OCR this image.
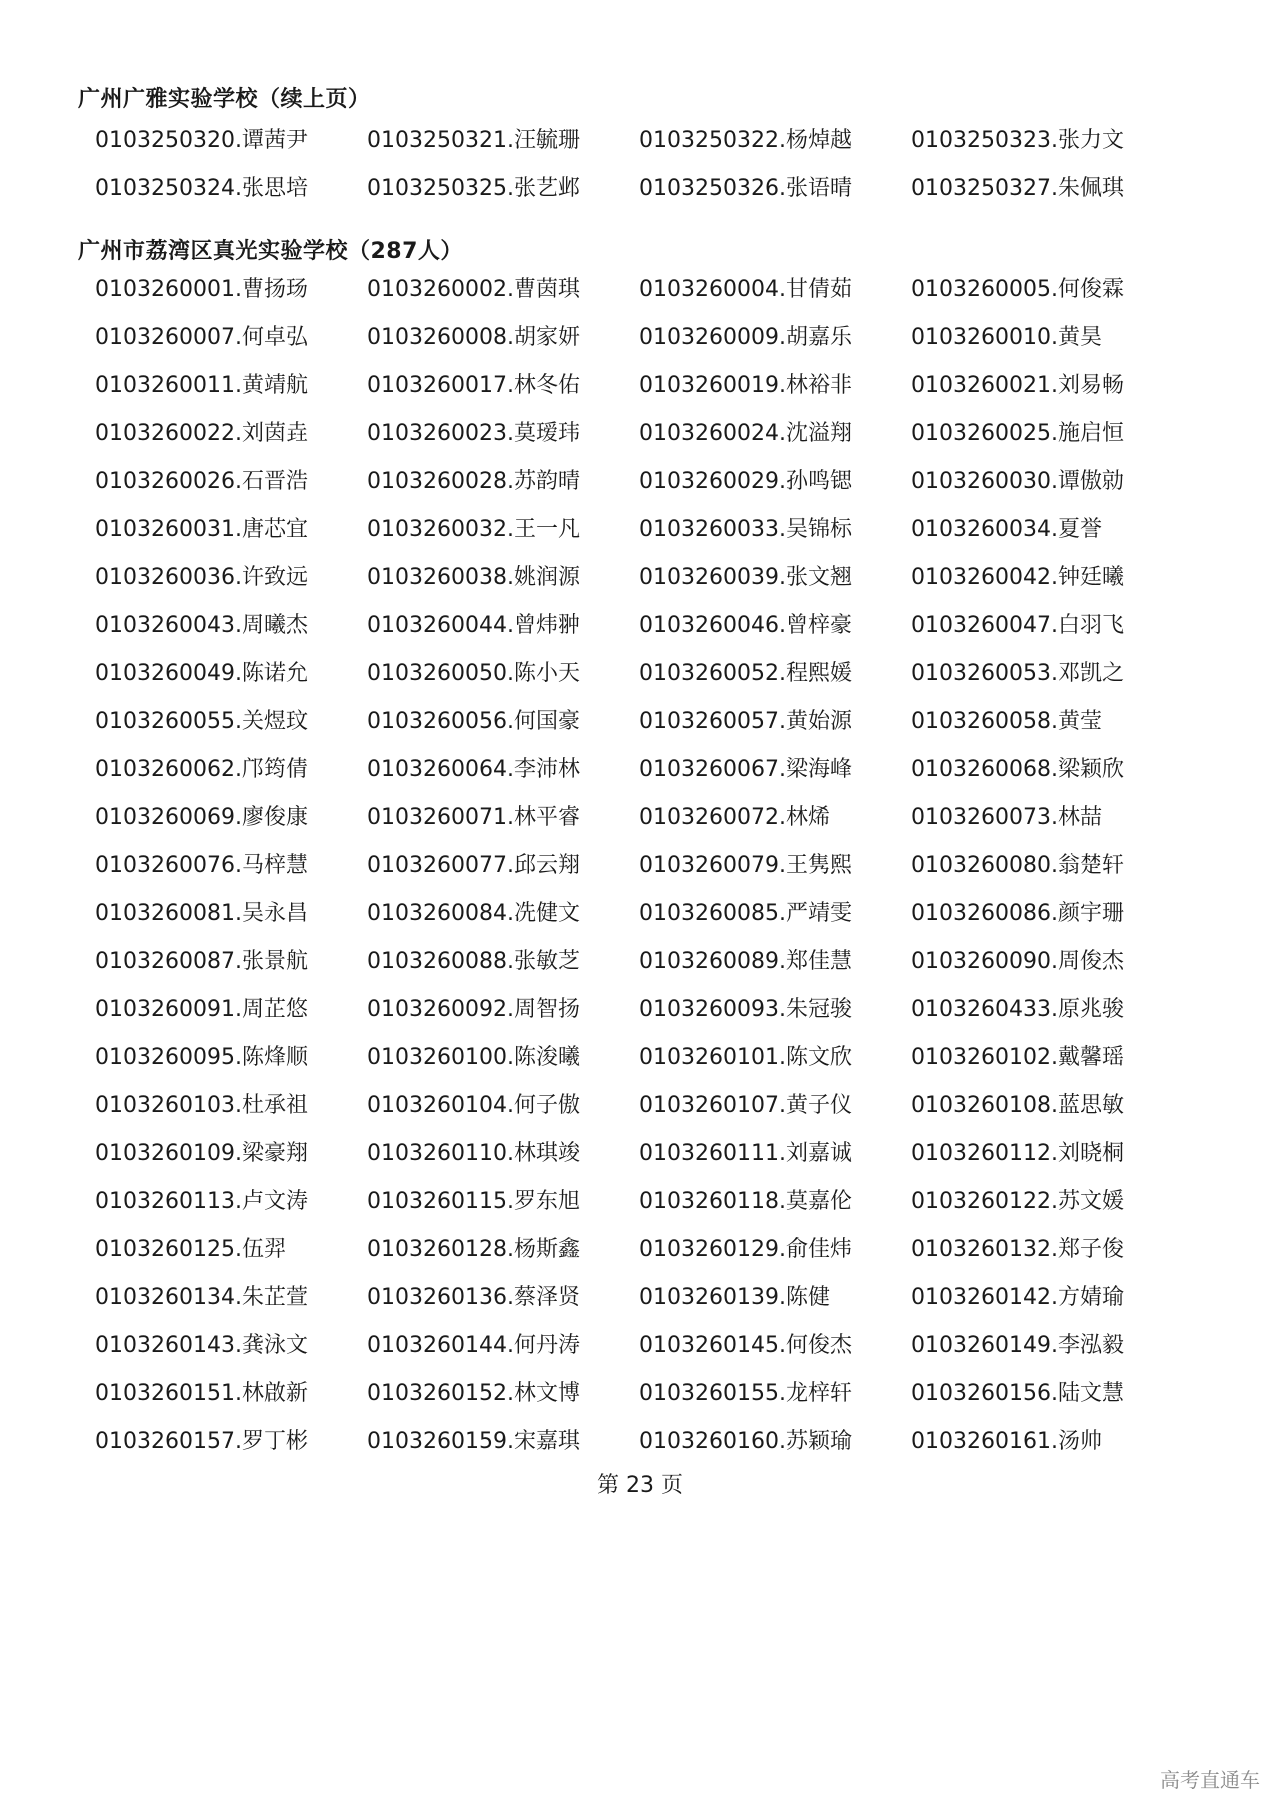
广州广雅实验学校（续上页）
0103250320.谭茜尹	0103250321.汪毓珊	0103250322.杨焯越	0103250323.张力文
0103250324.张思培	0103250325.张艺邺	0103250326.张语晴	0103250327.朱佩琪
广州市荔湾区真光实验学校（287人）
0103260001.曹扬玚	0103260002.曹茵琪	0103260004.甘倩茹	0103260005.何俊霖
0103260007.何卓弘	0103260008.胡家妍	0103260009.胡嘉乐	0103260010.黄昊
0103260011.黄靖航	0103260017.林冬佑	0103260019.林裕非	0103260021.刘易畅
0103260022.刘茵垚	0103260023.莫瑷玮	0103260024.沈溢翔	0103260025.施启恒
0103260026.石晋浩	0103260028.苏韵晴	0103260029.孙鸣锶	0103260030.谭傲勍
0103260031.唐芯宜	0103260032.王一凡	0103260033.吴锦标	0103260034.夏誉
0103260036.许致远	0103260038.姚润源	0103260039.张文翘	0103260042.钟廷曦
0103260043.周曦杰	0103260044.曾炜翀	0103260046.曾梓豪	0103260047.白羽飞
0103260049.陈诺允	0103260050.陈小天	0103260052.程熙媛	0103260053.邓凯之
0103260055.关煜玟	0103260056.何国豪	0103260057.黄始源	0103260058.黄莹
0103260062.邝筠倩	0103260064.李沛林	0103260067.梁海峰	0103260068.梁颖欣
0103260069.廖俊康	0103260071.林平睿	0103260072.林烯	0103260073.林喆
0103260076.马梓慧	0103260077.邱云翔	0103260079.王隽熙	0103260080.翁楚轩
0103260081.吴永昌	0103260084.冼健文	0103260085.严靖雯	0103260086.颜宇珊
0103260087.张景航	0103260088.张敏芝	0103260089.郑佳慧	0103260090.周俊杰
0103260091.周芷悠	0103260092.周智扬	0103260093.朱冠骏	0103260433.原兆骏
0103260095.陈烽顺	0103260100.陈浚曦	0103260101.陈文欣	0103260102.戴馨瑶
0103260103.杜承祖	0103260104.何子傲	0103260107.黄子仪	0103260108.蓝思敏
0103260109.梁豪翔	0103260110.林琪竣	0103260111.刘嘉诚	0103260112.刘晓桐
0103260113.卢文涛	0103260115.罗东旭	0103260118.莫嘉伦	0103260122.苏文媛
0103260125.伍羿	0103260128.杨斯鑫	0103260129.俞佳炜	0103260132.郑子俊
0103260134.朱芷萱	0103260136.蔡泽贤	0103260139.陈健	0103260142.方婧瑜
0103260143.龚泳文	0103260144.何丹涛	0103260145.何俊杰	0103260149.李泓毅
0103260151.林啟新	0103260152.林文博	0103260155.龙梓轩	0103260156.陆文慧
0103260157.罗丁彬	0103260159.宋嘉琪	0103260160.苏颖瑜	0103260161.汤帅
第 23 页
高考直通车
